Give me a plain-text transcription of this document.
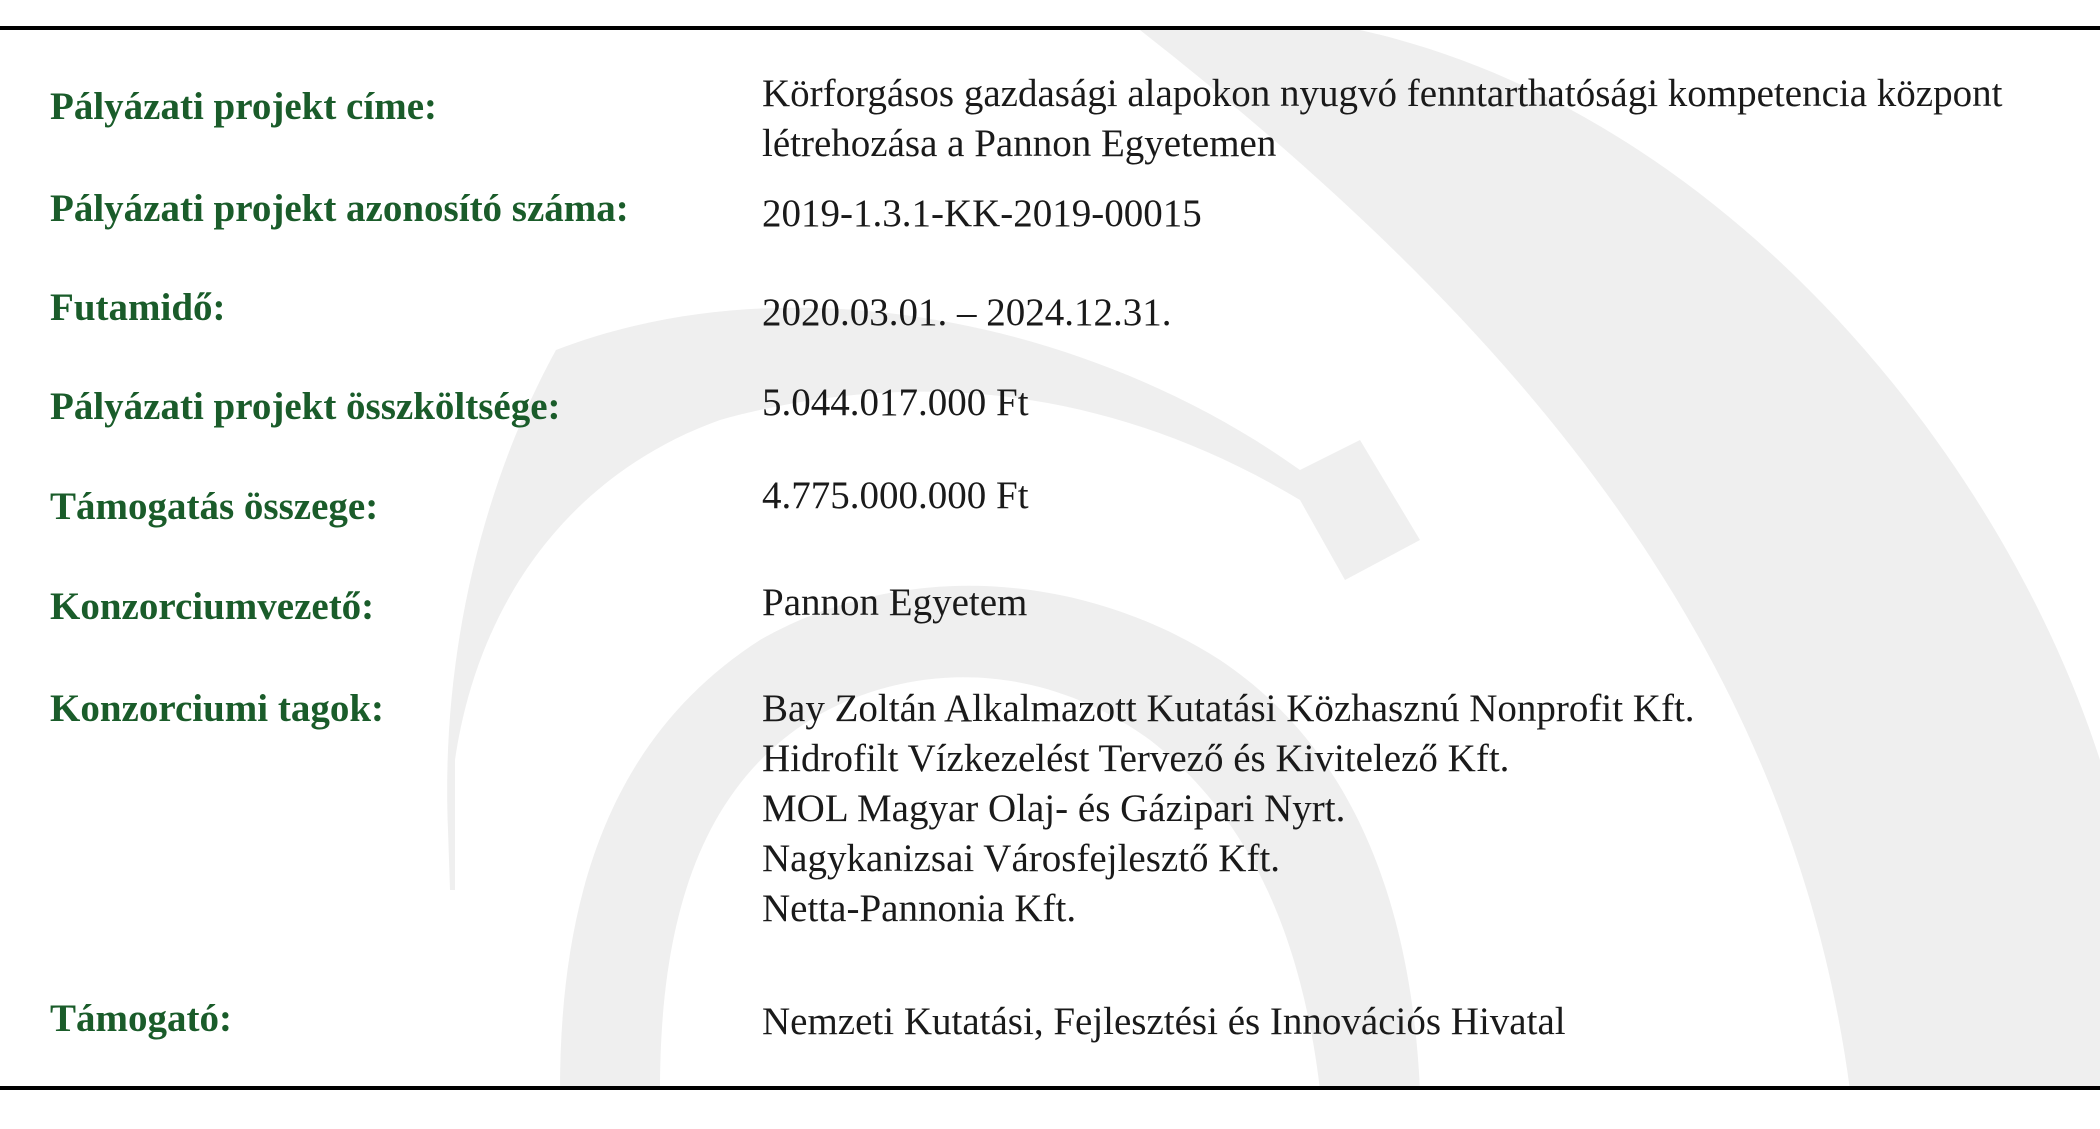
Pályázati projekt címe:	Körforgásos gazdasági alapokon nyugvó fenntarthatósági kompetencia központ
létrehozása a Pannon Egyetemen

Pályázati projekt azonosító száma:	2019-1.3.1-KK-2019-00015

Futamidő:	2020.03.01. – 2024.12.31.

Pályázati projekt összköltsége:	5.044.017.000 Ft

Támogatás összege:	4.775.000.000 Ft

Konzorciumvezető:	Pannon Egyetem

Konzorciumi tagok:	Bay Zoltán Alkalmazott Kutatási Közhasznú Nonprofit Kft.
Hidrofilt Vízkezelést Tervező és Kivitelező Kft.
MOL Magyar Olaj- és Gázipari Nyrt.
Nagykanizsai Városfejlesztő Kft.
Netta-Pannonia Kft.

Támogató:	Nemzeti Kutatási, Fejlesztési és Innovációs Hivatal
